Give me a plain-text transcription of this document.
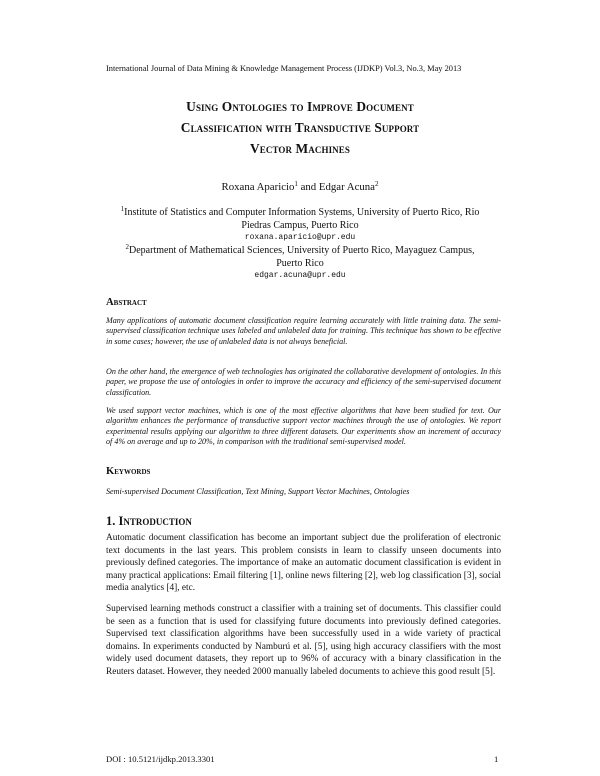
International Journal of Data Mining & Knowledge Management Process (IJDKP) Vol.3, No.3, May 2013
Using Ontologies to Improve Document
Classification with Transductive Support
Vector Machines
Roxana Aparicio$^1$ and Edgar Acuna$^2$
$^1$Institute of Statistics and Computer Information Systems, University of Puerto Rico, Rio
Piedras Campus, Puerto Rico
roxana.aparicio@upr.edu
$^2$Department of Mathematical Sciences, University of Puerto Rico, Mayaguez Campus,
Puerto Rico
edgar.acuna@upr.edu
Abstract

Many applications of automatic document classification require learning accurately with little training data. The semi-supervised classification technique uses labeled and unlabeled data for training. This technique has shown to be effective in some cases; however, the use of unlabeled data is not always beneficial.

On the other hand, the emergence of web technologies has originated the collaborative development of ontologies. In this paper, we propose the use of ontologies in order to improve the accuracy and efficiency of the semi-supervised document classification.

We used support vector machines, which is one of the most effective algorithms that have been studied for text. Our algorithm enhances the performance of transductive support vector machines through the use of ontologies. We report experimental results applying our algorithm to three different datasets. Our experiments show an increment of accuracy of 4% on average and up to 20%, in comparison with the traditional semi-supervised model.

Keywords

Semi-supervised Document Classification, Text Mining, Support Vector Machines, Ontologies

1. Introduction

Automatic document classification has become an important subject due the proliferation of electronic text documents in the last years. This problem consists in learn to classify unseen documents into previously defined categories. The importance of make an automatic document classification is evident in many practical applications: Email filtering [1], online news filtering [2], web log classification [3], social media analytics [4], etc.

Supervised learning methods construct a classifier with a training set of documents. This classifier could be seen as a function that is used for classifying future documents into previously defined categories. Supervised text classification algorithms have been successfully used in a wide variety of practical domains. In experiments conducted by Namburú et al. [5], using high accuracy classifiers with the most widely used document datasets, they report up to 96% of accuracy with a binary classification in the Reuters dataset. However, they needed 2000 manually labeled documents to achieve this good result [5].

DOI : 10.5121/ijdkp.2013.3301	1
